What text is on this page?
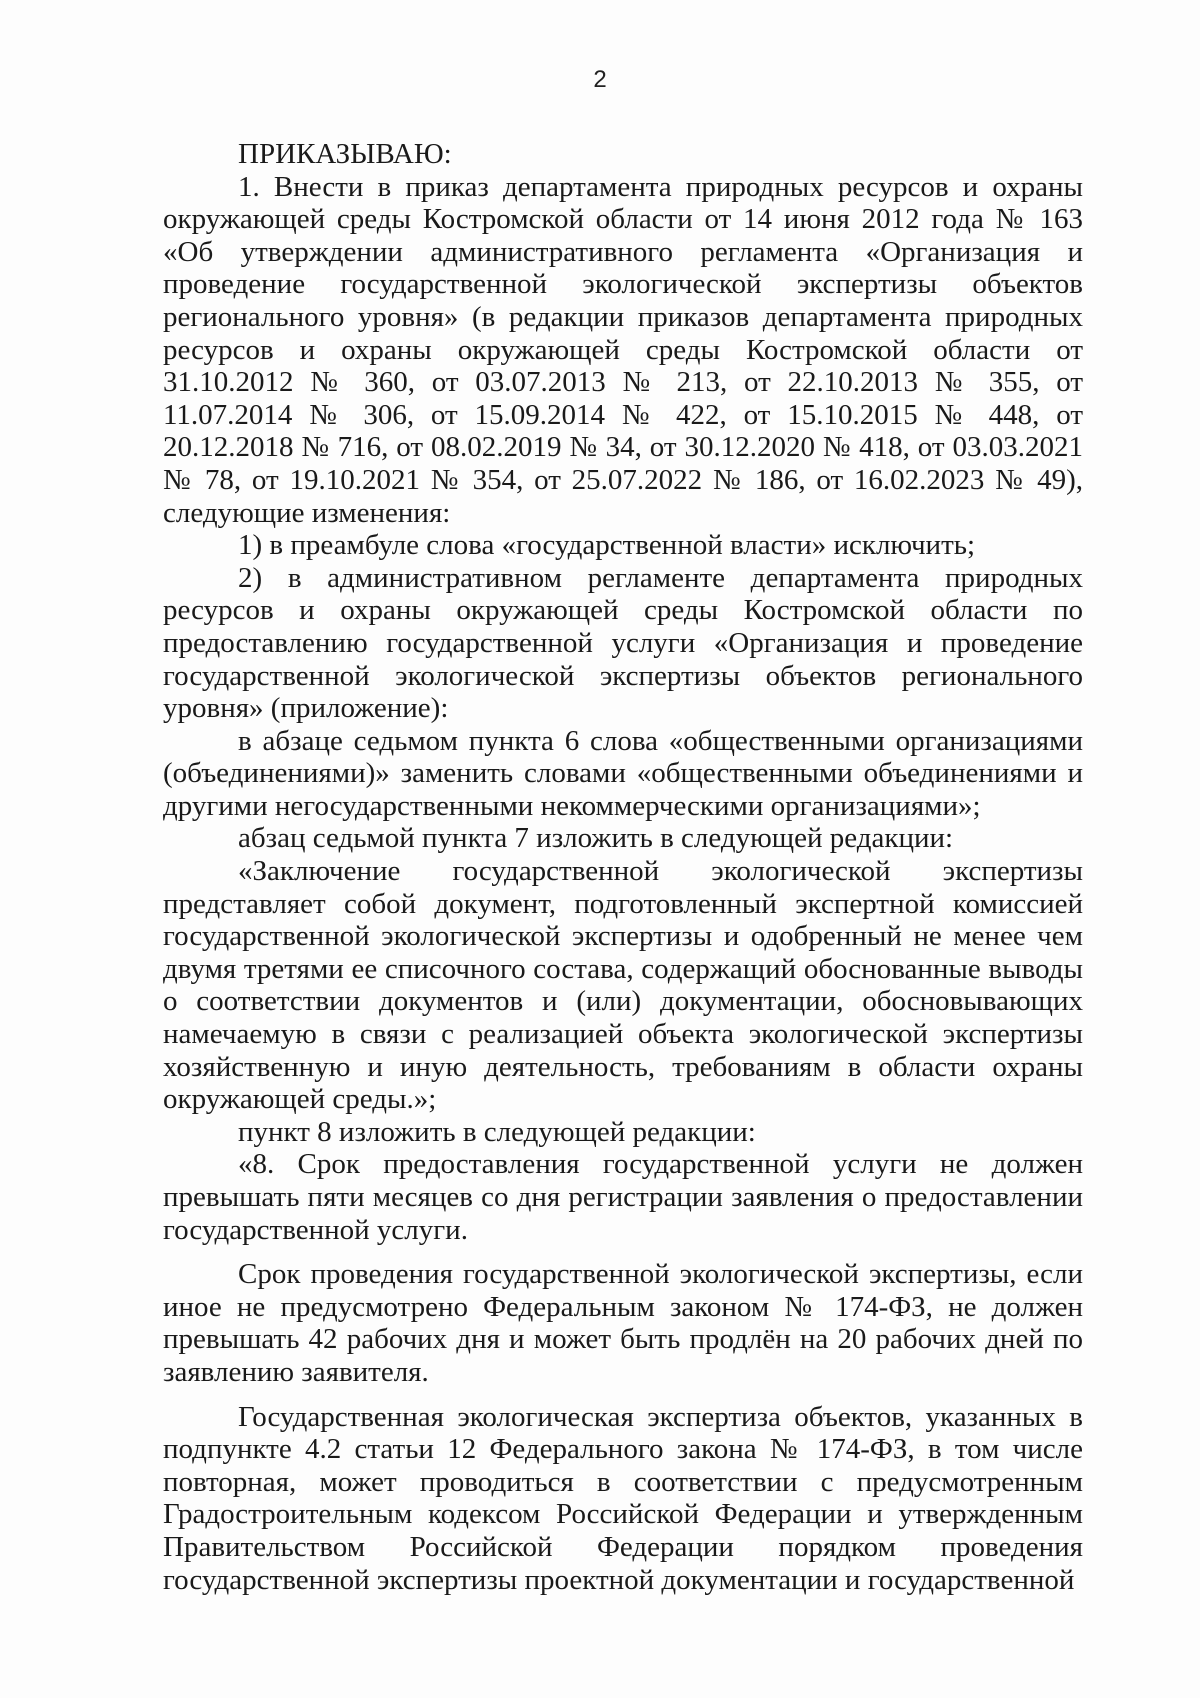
2

ПРИКАЗЫВАЮ:

1. Внести в приказ департамента природных ресурсов и охраны окружающей среды Костромской области от 14 июня 2012 года № 163 «Об утверждении административного регламента «Организация и проведение государственной экологической экспертизы объектов регионального уровня» (в редакции приказов департамента природных ресурсов и охраны окружающей среды Костромской области от 31.10.2012 № 360, от 03.07.2013 № 213, от 22.10.2013 № 355, от 11.07.2014 № 306, от 15.09.2014 № 422, от 15.10.2015 № 448, от 20.12.2018 № 716, от 08.02.2019 № 34, от 30.12.2020 № 418, от 03.03.2021 № 78, от 19.10.2021 № 354, от 25.07.2022 № 186, от 16.02.2023 № 49), следующие изменения:

1) в преамбуле слова «государственной власти» исключить;

2) в административном регламенте департамента природных ресурсов и охраны окружающей среды Костромской области по предоставлению государственной услуги «Организация и проведение государственной экологической экспертизы объектов регионального уровня» (приложение):

в абзаце седьмом пункта 6 слова «общественными организациями (объединениями)» заменить словами «общественными объединениями и другими негосударственными некоммерческими организациями»;

абзац седьмой пункта 7 изложить в следующей редакции:

«Заключение государственной экологической экспертизы представляет собой документ, подготовленный экспертной комиссией государственной экологической экспертизы и одобренный не менее чем двумя третями ее списочного состава, содержащий обоснованные выводы о соответствии документов и (или) документации, обосновывающих намечаемую в связи с реализацией объекта экологической экспертизы хозяйственную и иную деятельность, требованиям в области охраны окружающей среды.»;

пункт 8 изложить в следующей редакции:

«8. Срок предоставления государственной услуги не должен превышать пяти месяцев со дня регистрации заявления о предоставлении государственной услуги.

Срок проведения государственной экологической экспертизы, если иное не предусмотрено Федеральным законом № 174-ФЗ, не должен превышать 42 рабочих дня и может быть продлён на 20 рабочих дней по заявлению заявителя.

Государственная экологическая экспертиза объектов, указанных в подпункте 4.2 статьи 12 Федерального закона № 174-ФЗ, в том числе повторная, может проводиться в соответствии с предусмотренным Градостроительным кодексом Российской Федерации и утвержденным Правительством Российской Федерации порядком проведения государственной экспертизы проектной документации и государственной
